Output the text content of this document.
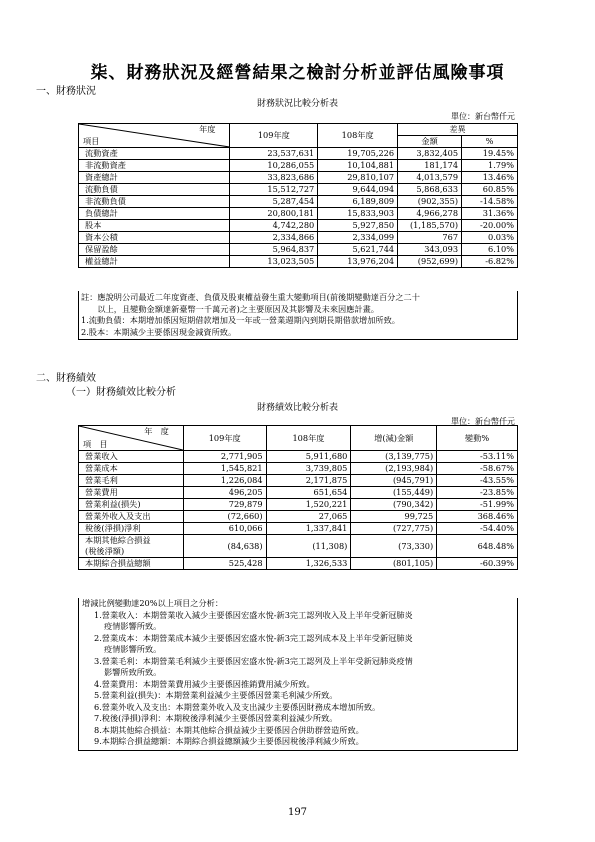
柒、財務狀況及經營結果之檢討分析並評估風險事項
一、財務狀況
財務狀況比較分析表
單位：新台幣仟元
年度
項目	109年度	108年度	差異	
			金額	%
流動資產	23,537,631	19,705,226	3,832,405	19.45%
非流動資產	10,286,055	10,104,881	181,174	1.79%
資產總計	33,823,686	29,810,107	4,013,579	13.46%
流動負債	15,512,727	9,644,094	5,868,633	60.85%
非流動負債	5,287,454	6,189,809	(902,355)	-14.58%
負債總計	20,800,181	15,833,903	4,966,278	31.36%
股本	4,742,280	5,927,850	(1,185,570)	-20.00%
資本公積	2,334,866	2,334,099	767	0.03%
保留盈餘	5,964,837	5,621,744	343,093	6.10%
權益總計	13,023,505	13,976,204	(952,699)	-6.82%
註：應說明公司最近二年度資產、負債及股東權益發生重大變動項目(前後期變動達百分之二十
　　以上，且變動金額達新臺幣一千萬元者)之主要原因及其影響及未來因應計畫。
1.流動負債：本期增加係因短期借款增加及一年或一營業週期內到期長期借款增加所致。
2.股本：本期減少主要係因現金減資所致。
二、財務績效
（一）財務績效比較分析
財務績效比較分析表
單位：新台幣仟元
年　度
項　目	109年度	108年度	增(減)金額	變動%
營業收入	2,771,905	5,911,680	(3,139,775)	-53.11%
營業成本	1,545,821	3,739,805	(2,193,984)	-58.67%
營業毛利	1,226,084	2,171,875	(945,791)	-43.55%
營業費用	496,205	651,654	(155,449)	-23.85%
營業利益(損失)	729,879	1,520,221	(790,342)	-51.99%
營業外收入及支出	(72,660)	27,065	99,725	368.46%
稅後(淨損)淨利	610,066	1,337,841	(727,775)	-54.40%

本期其他綜合損益
(稅後淨額)	(84,638)	(11,308)	(73,330)	648.48%
本期綜合損益總額	525,428	1,326,533	(801,105)	-60.39%
增減比例變動達20%以上項目之分析：
1.營業收入：本期營業收入減少主要係因宏盛水悅-新3完工認列收入及上半年受新冠肺炎
疫情影響所致。
2.營業成本：本期營業成本減少主要係因宏盛水悅-新3完工認列成本及上半年受新冠肺炎
疫情影響所致。
3.營業毛利：本期營業毛利減少主要係因宏盛水悅-新3完工認列及上半年受新冠肺炎疫情
影響所致所致。
4.營業費用：本期營業費用減少主要係因推銷費用減少所致。
5.營業利益(損失)：本期營業利益減少主要係因營業毛利減少所致。
6.營業外收入及支出：本期營業外收入及支出減少主要係因財務成本增加所致。
7.稅後(淨損)淨利：本期稅後淨利減少主要係因營業利益減少所致。
8.本期其他綜合損益：本期其他綜合損益減少主要係因合併助群營造所致。
9.本期綜合損益總額：本期綜合損益總額減少主要係因稅後淨利減少所致。
197
